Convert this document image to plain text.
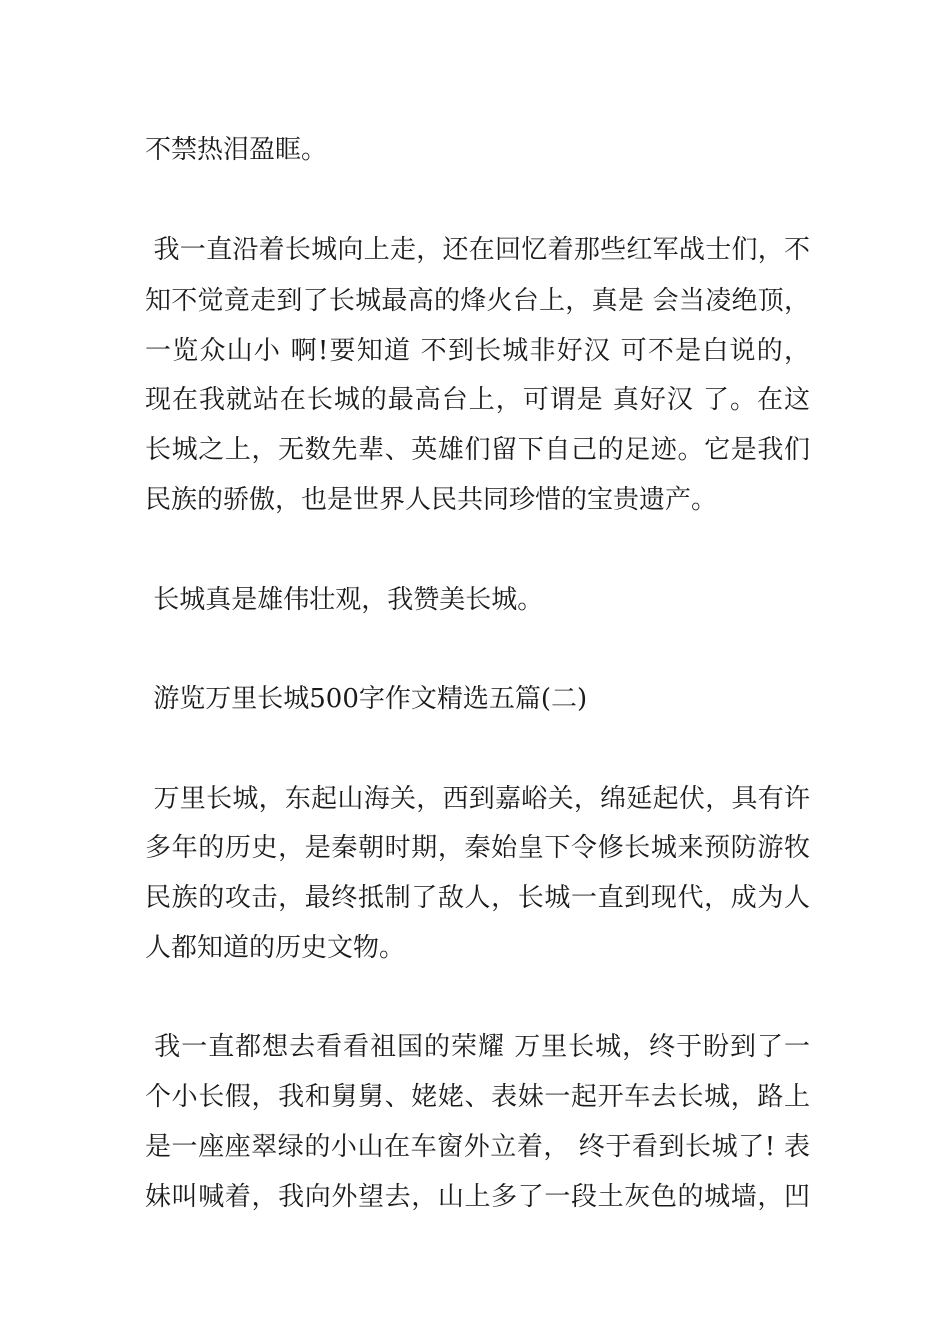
不禁热泪盈眶。
我一直沿着长城向上走，还在回忆着那些红军战士们，不
知不觉竟走到了长城最高的烽火台上，真是 会当凌绝顶，
一览众山小 啊!要知道 不到长城非好汉 可不是白说的，
现在我就站在长城的最高台上，可谓是 真好汉 了。在这
长城之上，无数先辈、英雄们留下自己的足迹。它是我们
民族的骄傲，也是世界人民共同珍惜的宝贵遗产。
长城真是雄伟壮观，我赞美长城。
游览万里长城500字作文精选五篇(二)
万里长城，东起山海关，西到嘉峪关，绵延起伏，具有许
多年的历史，是秦朝时期，秦始皇下令修长城来预防游牧
民族的攻击，最终抵制了敌人，长城一直到现代，成为人
人都知道的历史文物。
我一直都想去看看祖国的荣耀 万里长城，终于盼到了一
个小长假，我和舅舅、姥姥、表妹一起开车去长城，路上
是一座座翠绿的小山在车窗外立着， 终于看到长城了! 表
妹叫喊着，我向外望去，山上多了一段土灰色的城墙，凹
